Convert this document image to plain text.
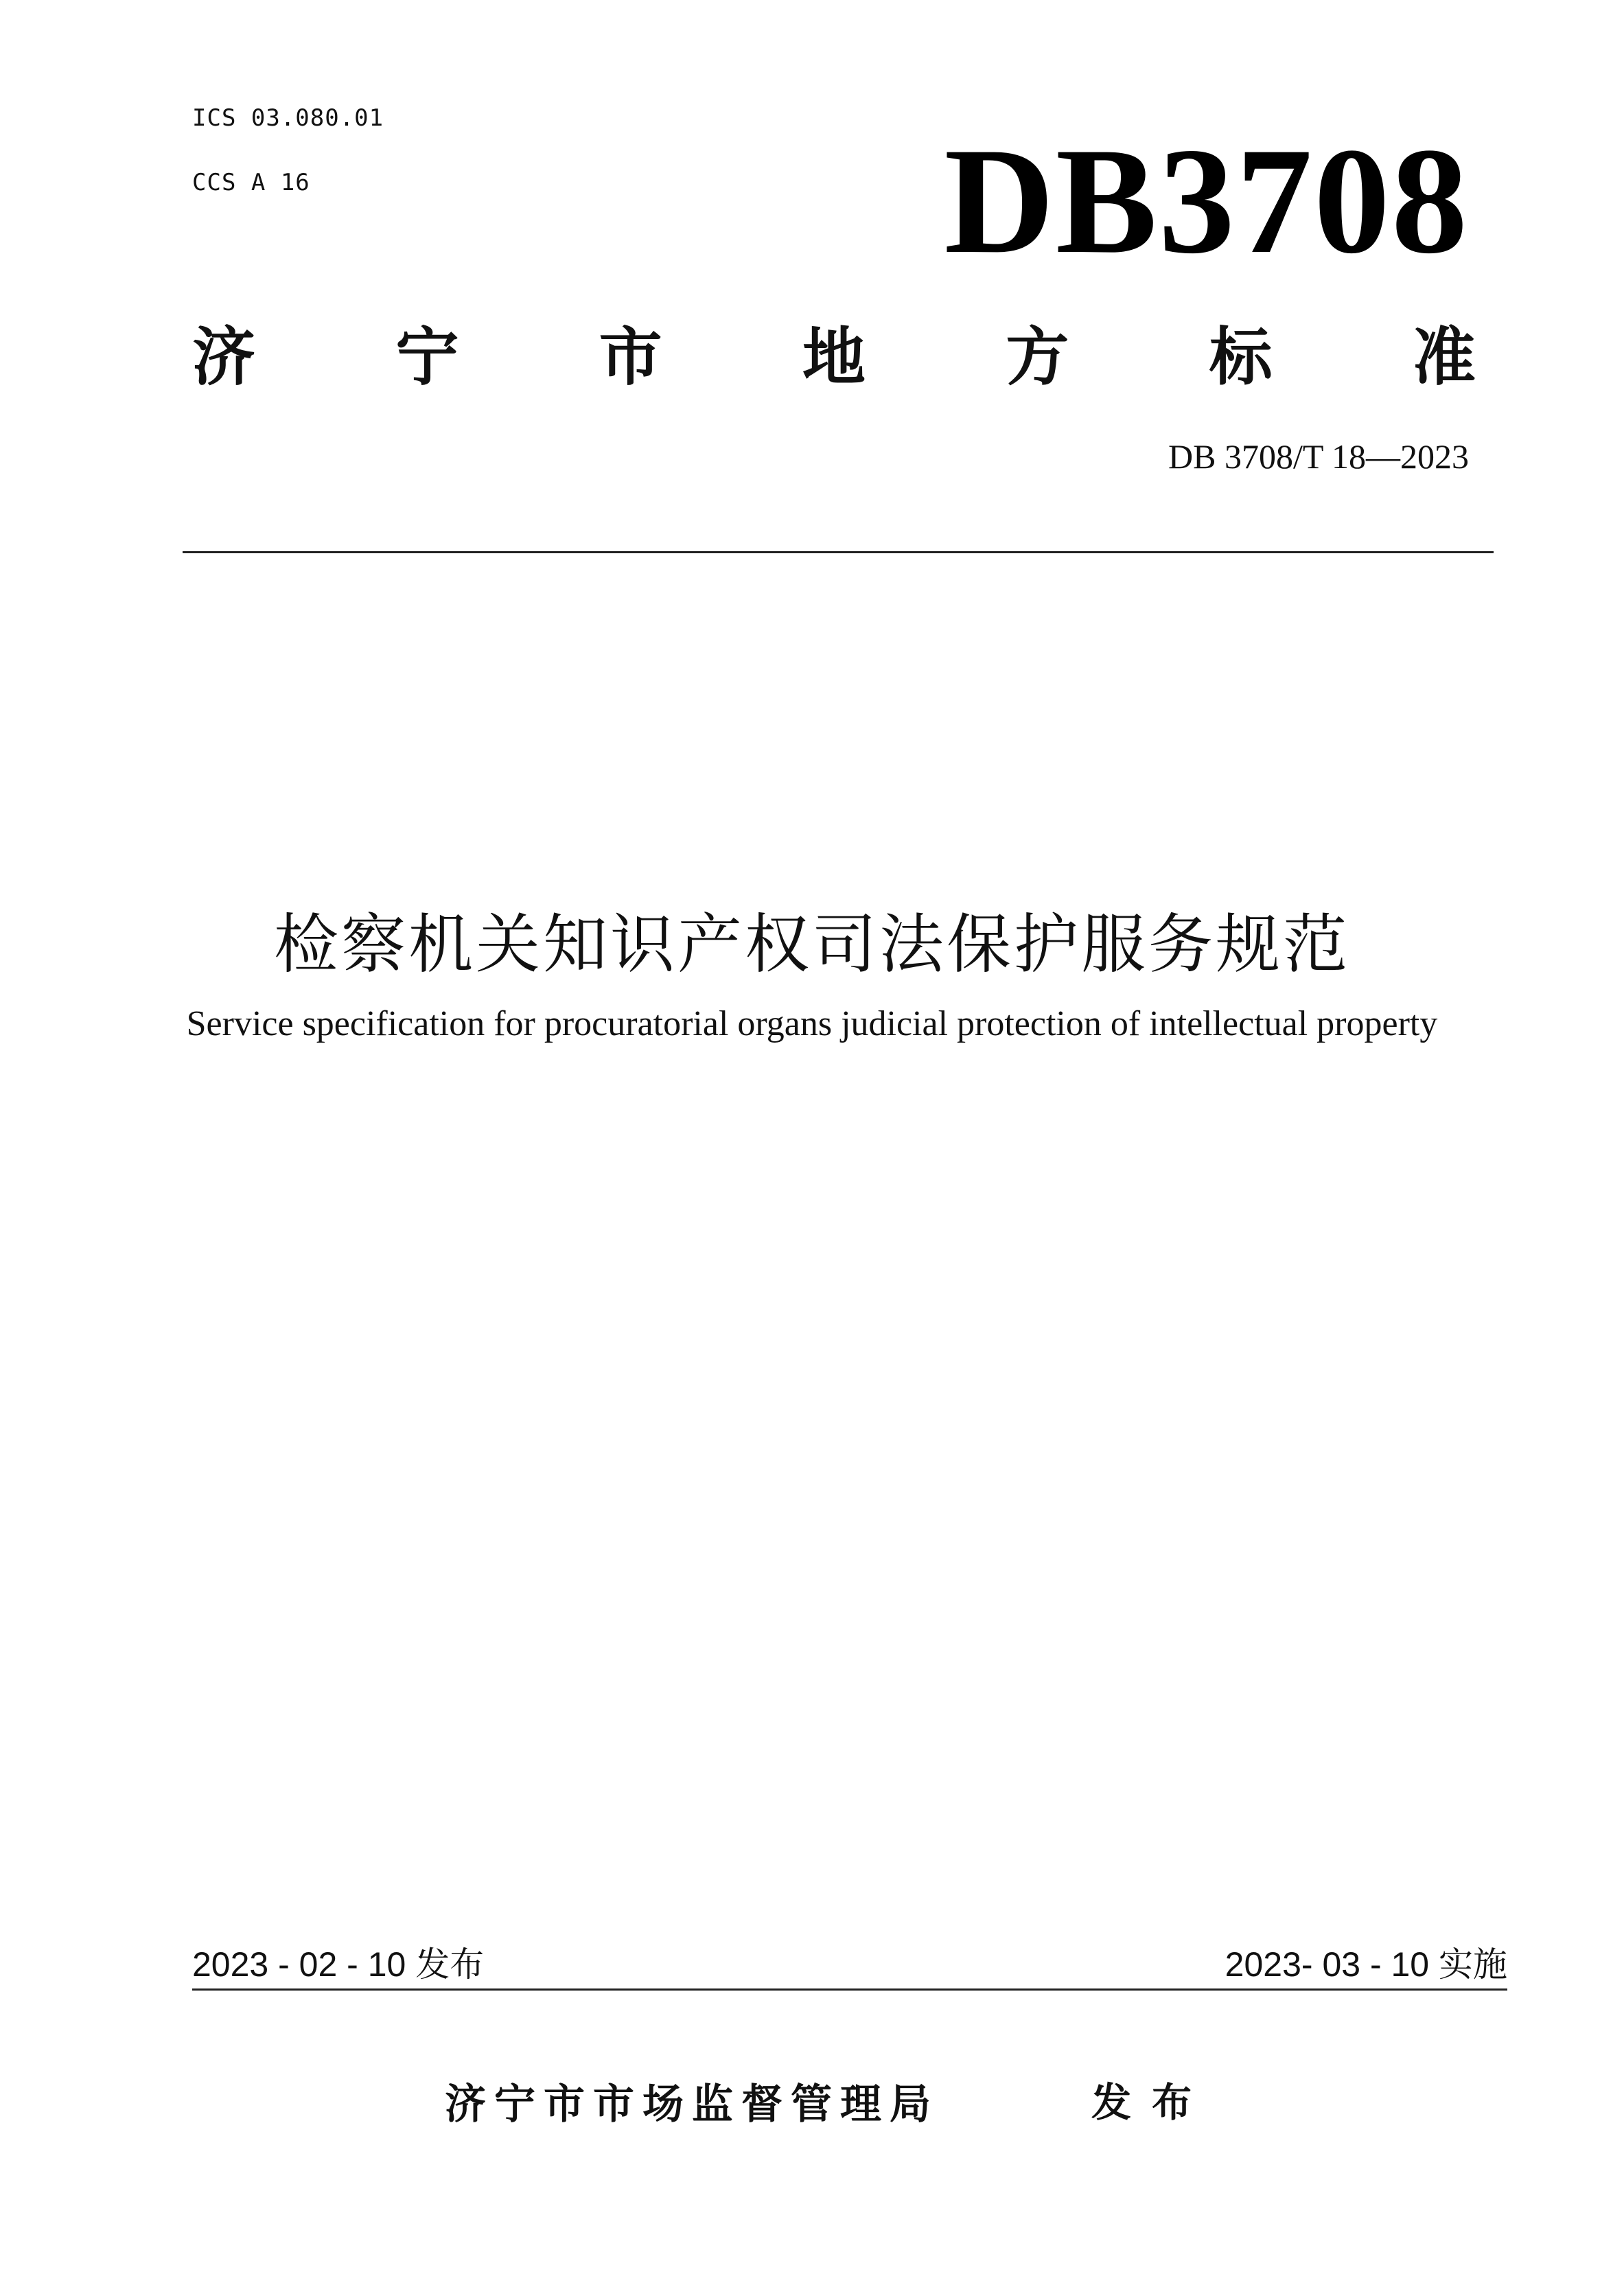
ICS 03.080.01
CCS A 16	DB3708
济 宁 市 地 方 标 准
DB 3708/T 18—2023
检察机关知识产权司法保护服务规范
Service specification for procuratorial organs judicial protection of intellectual property
2023 - 02 - 10 发布	2023- 03 - 10 实施
济宁市市场监督管理局	发布
